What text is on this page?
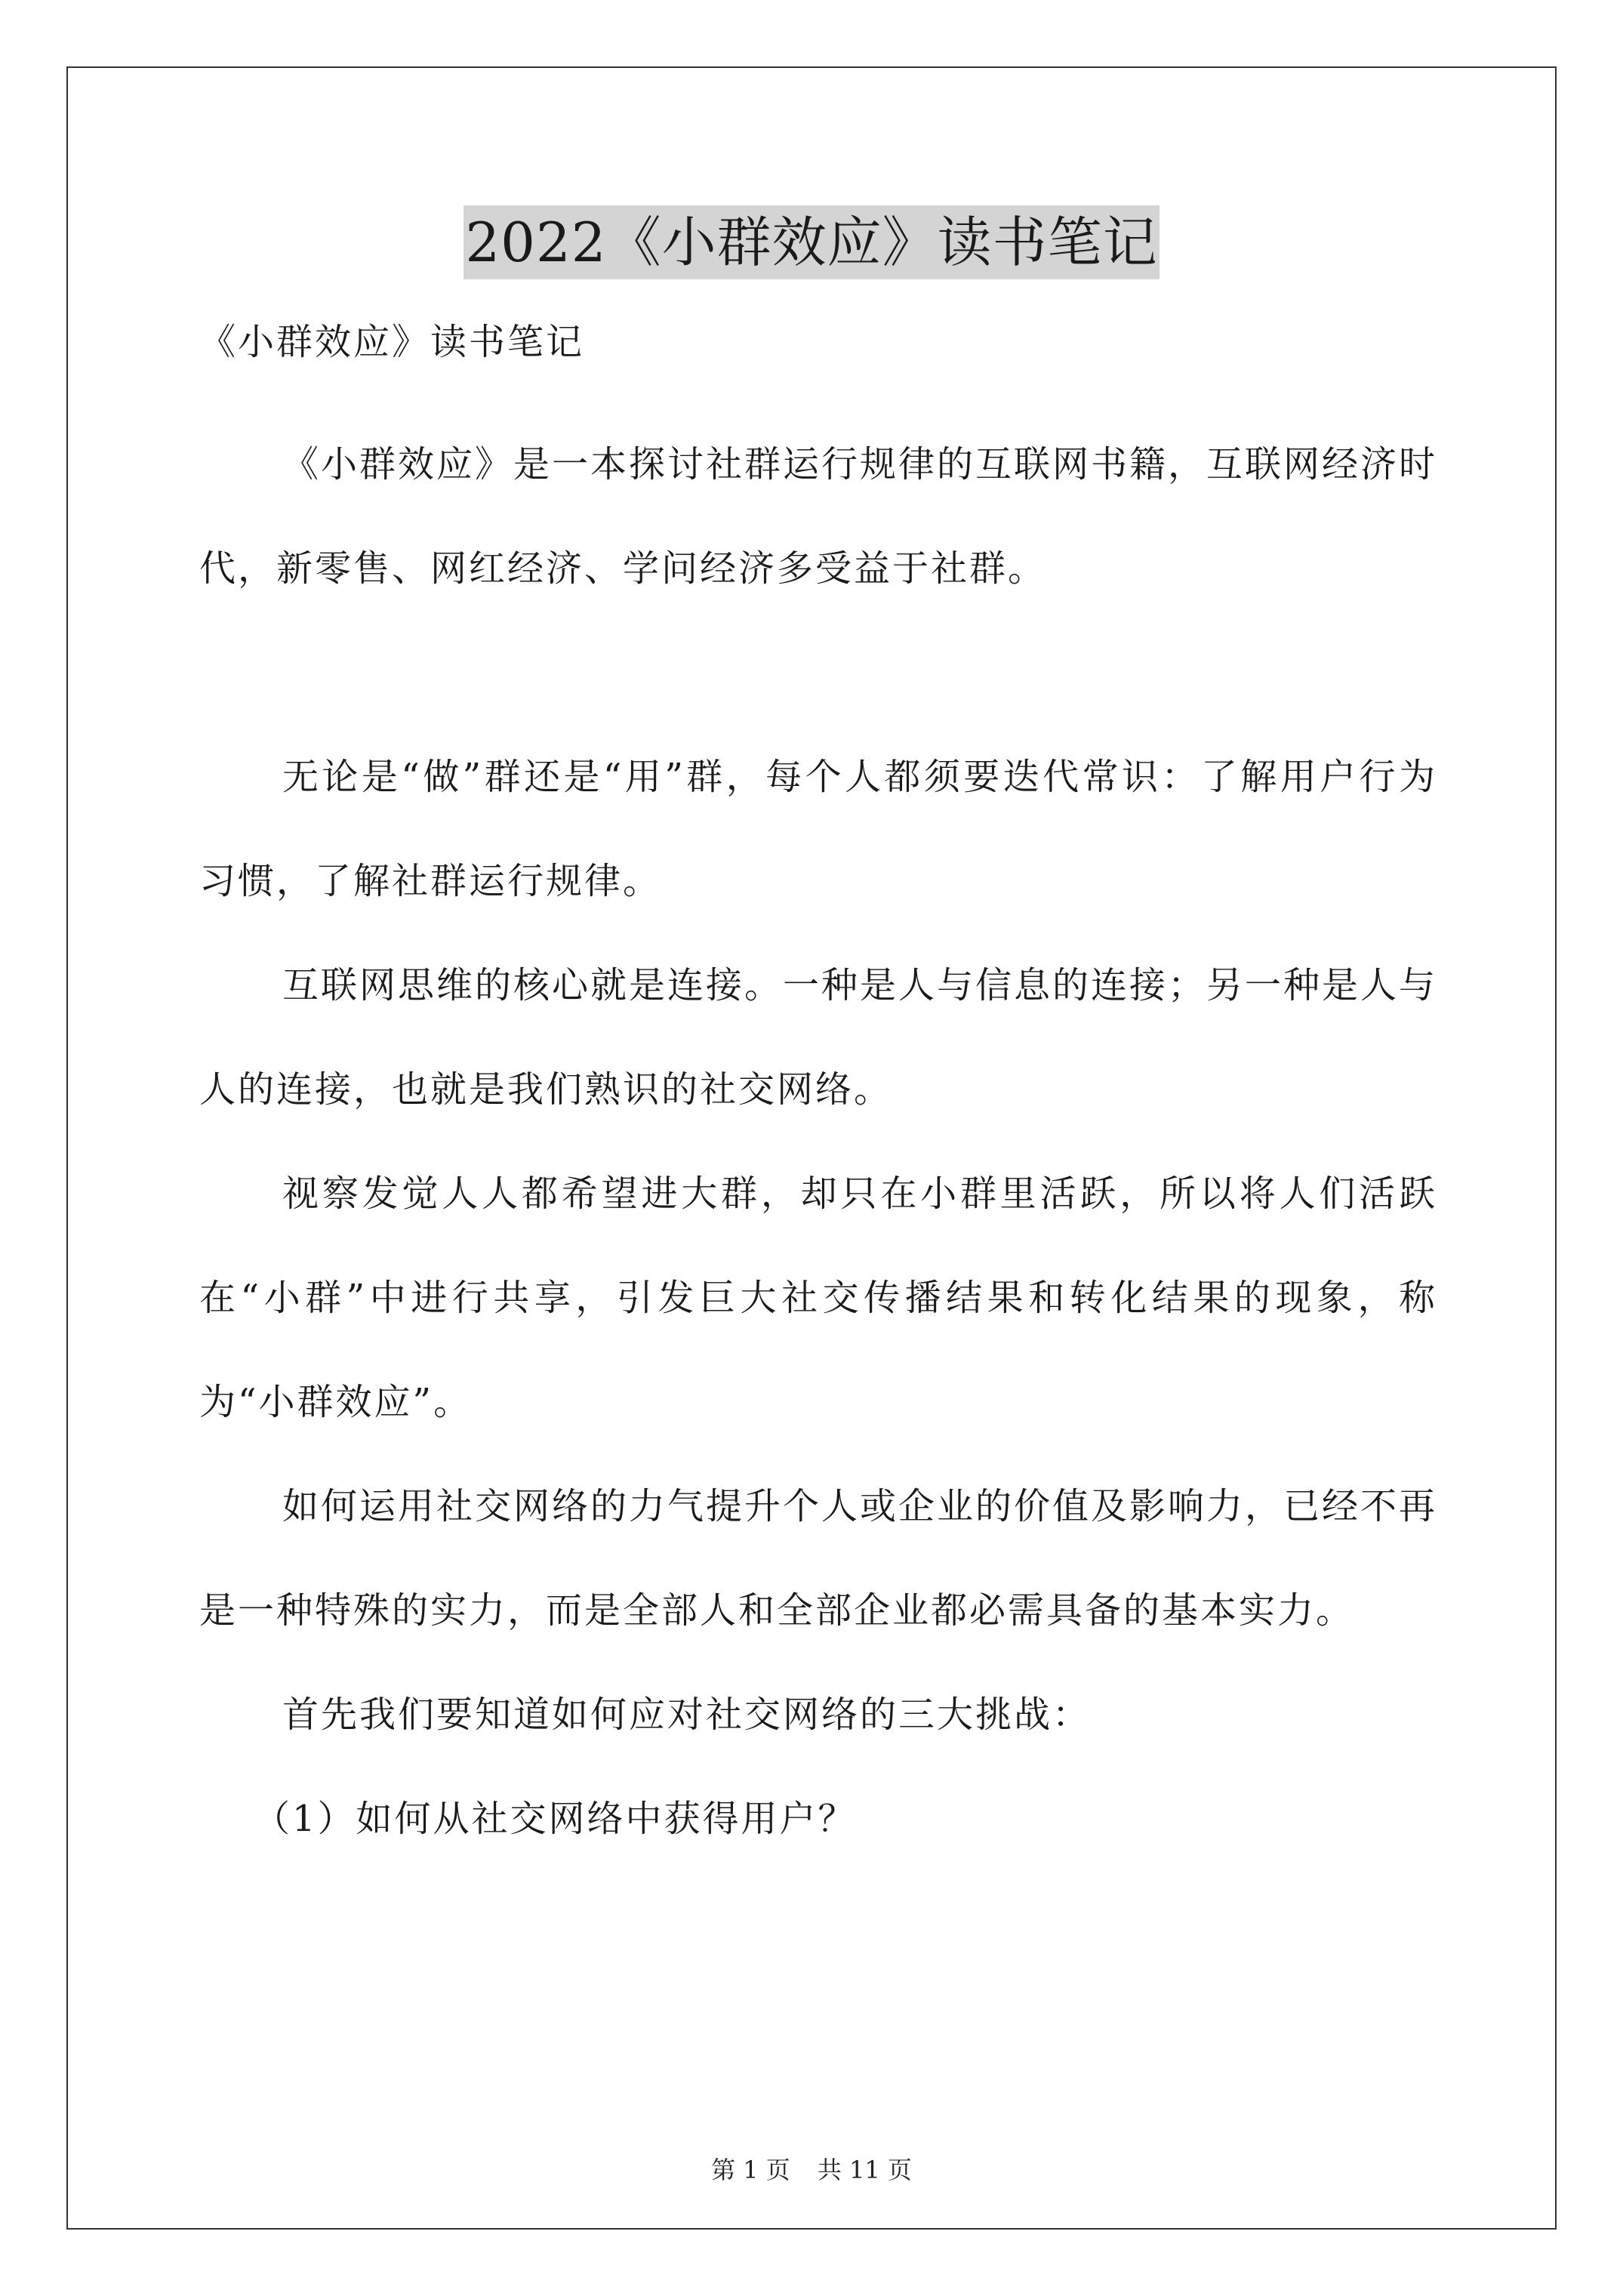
2022《小群效应》读书笔记

《小群效应》读书笔记

《小群效应》是一本探讨社群运行规律的互联网书籍，互联网经济时代，新零售、网红经济、学问经济多受益于社群。

无论是“做”群还是“用”群，每个人都须要迭代常识：了解用户行为习惯，了解社群运行规律。

互联网思维的核心就是连接。一种是人与信息的连接；另一种是人与人的连接，也就是我们熟识的社交网络。

视察发觉人人都希望进大群，却只在小群里活跃，所以将人们活跃在“小群”中进行共享，引发巨大社交传播结果和转化结果的现象，称为“小群效应”。

如何运用社交网络的力气提升个人或企业的价值及影响力，已经不再是一种特殊的实力，而是全部人和全部企业都必需具备的基本实力。

首先我们要知道如何应对社交网络的三大挑战：

（1）如何从社交网络中获得用户？

第 1 页 共 11 页
